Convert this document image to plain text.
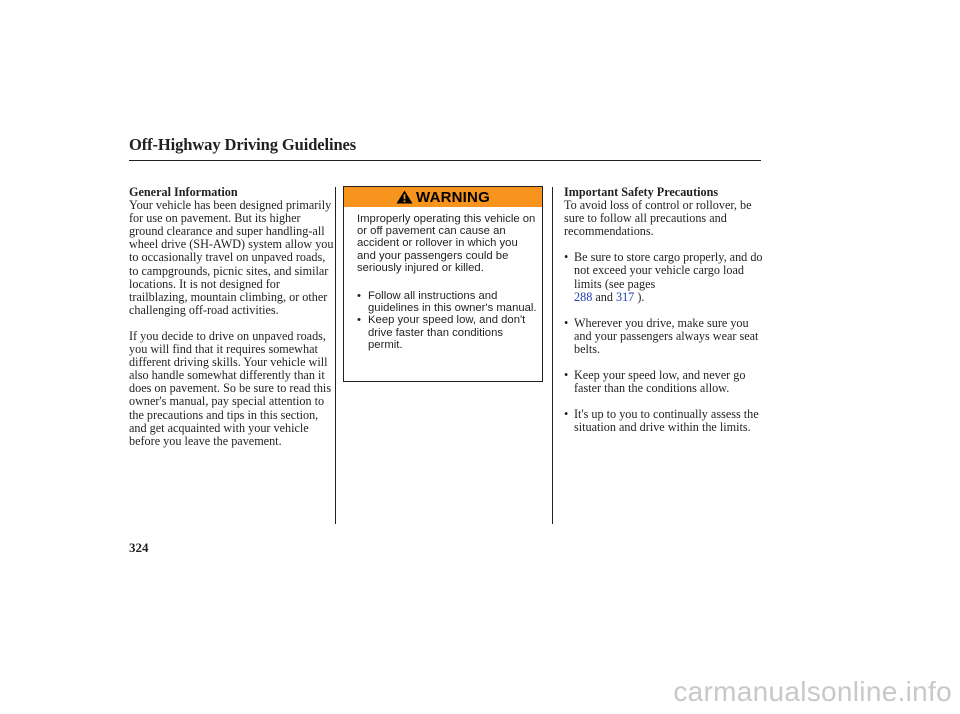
Off-Highway Driving Guidelines
General Information

Your vehicle has been designed primarily for use on pavement. But its higher ground clearance and super handling-all wheel drive (SH-AWD) system allow you to occasionally travel on unpaved roads, to campgrounds, picnic sites, and similar locations. It is not designed for trailblazing, mountain climbing, or other challenging off-road activities.

If you decide to drive on unpaved roads, you will find that it requires somewhat different driving skills. Your vehicle will also handle somewhat differently than it does on pavement. So be sure to read this owner's manual, pay special attention to the precautions and tips in this section, and get acquainted with your vehicle before you leave the pavement.

WARNING
Improperly operating this vehicle on or off pavement can cause an accident or rollover in which you and your passengers could be seriously injured or killed.
• Follow all instructions and guidelines in this owner's manual.
• Keep your speed low, and don't drive faster than conditions permit.
Important Safety Precautions

To avoid loss of control or rollover, be sure to follow all precautions and recommendations.

• Be sure to store cargo properly, and do not exceed your vehicle cargo load limits (see pages
288 and 317 ).
• Wherever you drive, make sure you and your passengers always wear seat belts.
• Keep your speed low, and never go faster than the conditions allow.
• It's up to you to continually assess the situation and drive within the limits.
324
carmanualsonline.info
